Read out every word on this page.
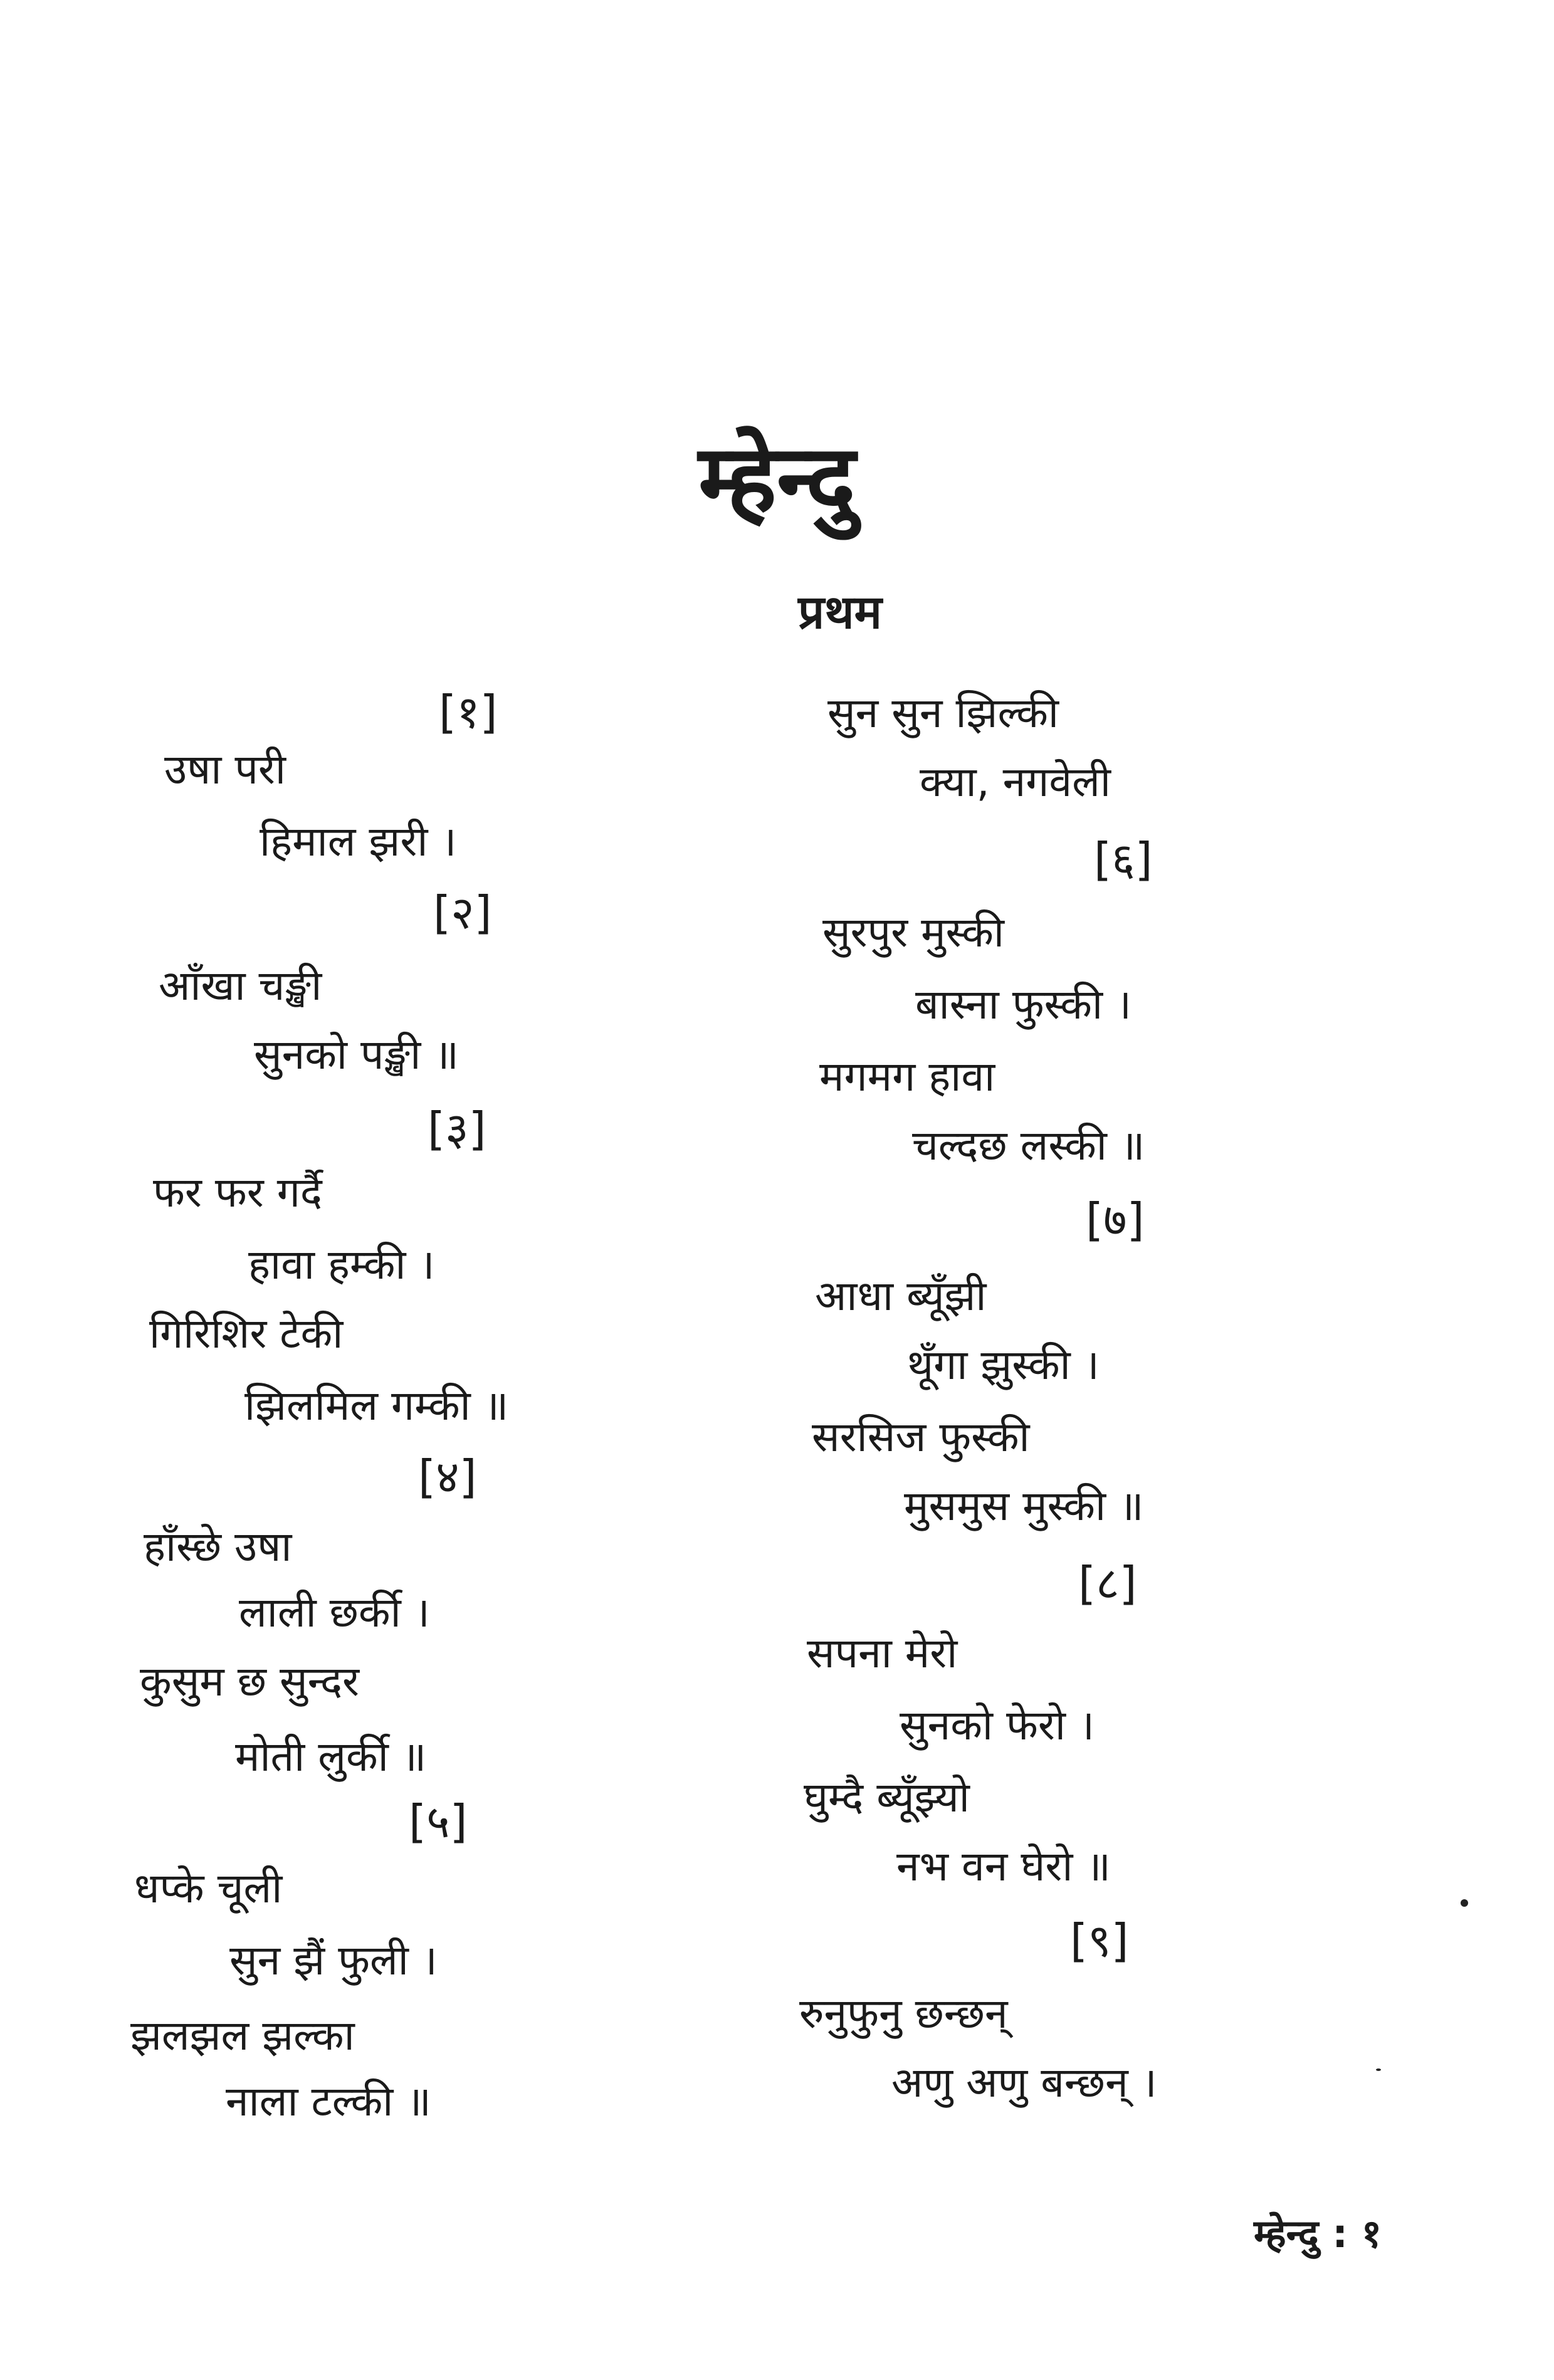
म्हेन्दु
प्रथम
[१]
उषा परी
हिमाल झरी ।
[२]
आँखा चङ्खी
सुनको पङ्खी ॥
[३]
फर फर गर्दै
हावा हम्की ।
गिरिशिर टेकी
झिलमिल गम्की ॥
[४]
हाँस्छे उषा
लाली छर्की ।
कुसुम छ सुन्दर
मोती लुर्की ॥
[५]
धप्के चूली
सुन झैं फुली ।
झलझल झल्का
नाला टल्की ॥
सुन सुन झिल्की
क्या, नगवेली
[६]
सुरपुर मुस्की
बास्ना फुस्की ।
मगमग हावा
चल्दछ लस्की ॥
[७]
आधा ब्यूँझी
थूँगा झुस्की ।
सरसिज फुस्की
मुसमुस मुस्की ॥
[८]
सपना मेरो
सुनको फेरो ।
घुम्दै ब्यूँझ्यो
नभ वन घेरो ॥
[९]
रुनुफुनु छन्छन्
अणु अणु बन्छन् ।
म्हेन्दु : १
